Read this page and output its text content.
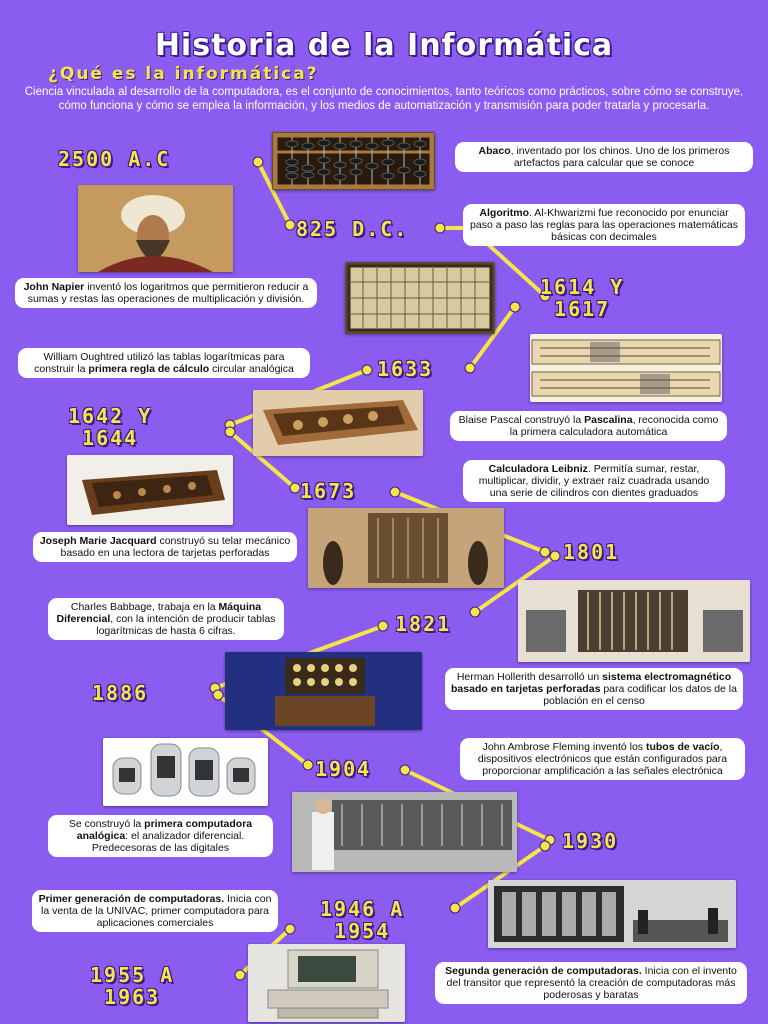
Historia de la Informática
¿Qué es la informática?
Ciencia vinculada al desarrollo de la computadora, es el conjunto de conocimientos, tanto teóricos como prácticos, sobre cómo se construye, cómo funciona y cómo se emplea la información, y los medios de automatización y transmisión para poder tratarla y procesarla.
2500 A.C
825 D.C.
1614 Y
1617
1633
1642 Y
1644
1673
1801
1821
1886
1904
1930
1946 A
1954
1955 A
1963
Abaco, inventado por los chinos. Uno de los primeros artefactos para calcular que se conoce
Algoritmo. Al-Khwarizmi fue reconocido por enunciar paso a paso las reglas para las operaciones matemáticas básicas con decimales
John Napier inventó los logaritmos que permitieron reducir a sumas y restas las operaciones de multiplicación y división.
William Oughtred utilizó las tablas logarítmicas para construir la primera regla de cálculo circular analógica
Blaise Pascal construyó la Pascalina, reconocida como la primera calculadora automática
Calculadora Leibniz. Permitía sumar, restar, multiplicar, dividir, y extraer raíz cuadrada usando una serie de cilindros con dientes graduados
Joseph Marie Jacquard construyó su telar mecánico basado en una lectora de tarjetas perforadas
Charles Babbage, trabaja en la Máquina Diferencial, con la intención de producir tablas logarítmicas de hasta 6 cifras.
Herman Hollerith desarrolló un sistema electromagnético basado en tarjetas perforadas para codificar los datos de la población en el censo
John Ambrose Fleming inventó los tubos de vacío, dispositivos electrónicos que están configurados para proporcionar amplificación a las señales electrónica
Se construyó la primera computadora analógica: el analizador diferencial. Predecesoras de las digitales
Primer generación de computadoras. Inicia con la venta de la UNIVAC, primer computadora para aplicaciones comerciales
Segunda generación de computadoras. Inicia con el invento del transitor que representó la creación de computadoras más poderosas y baratas
